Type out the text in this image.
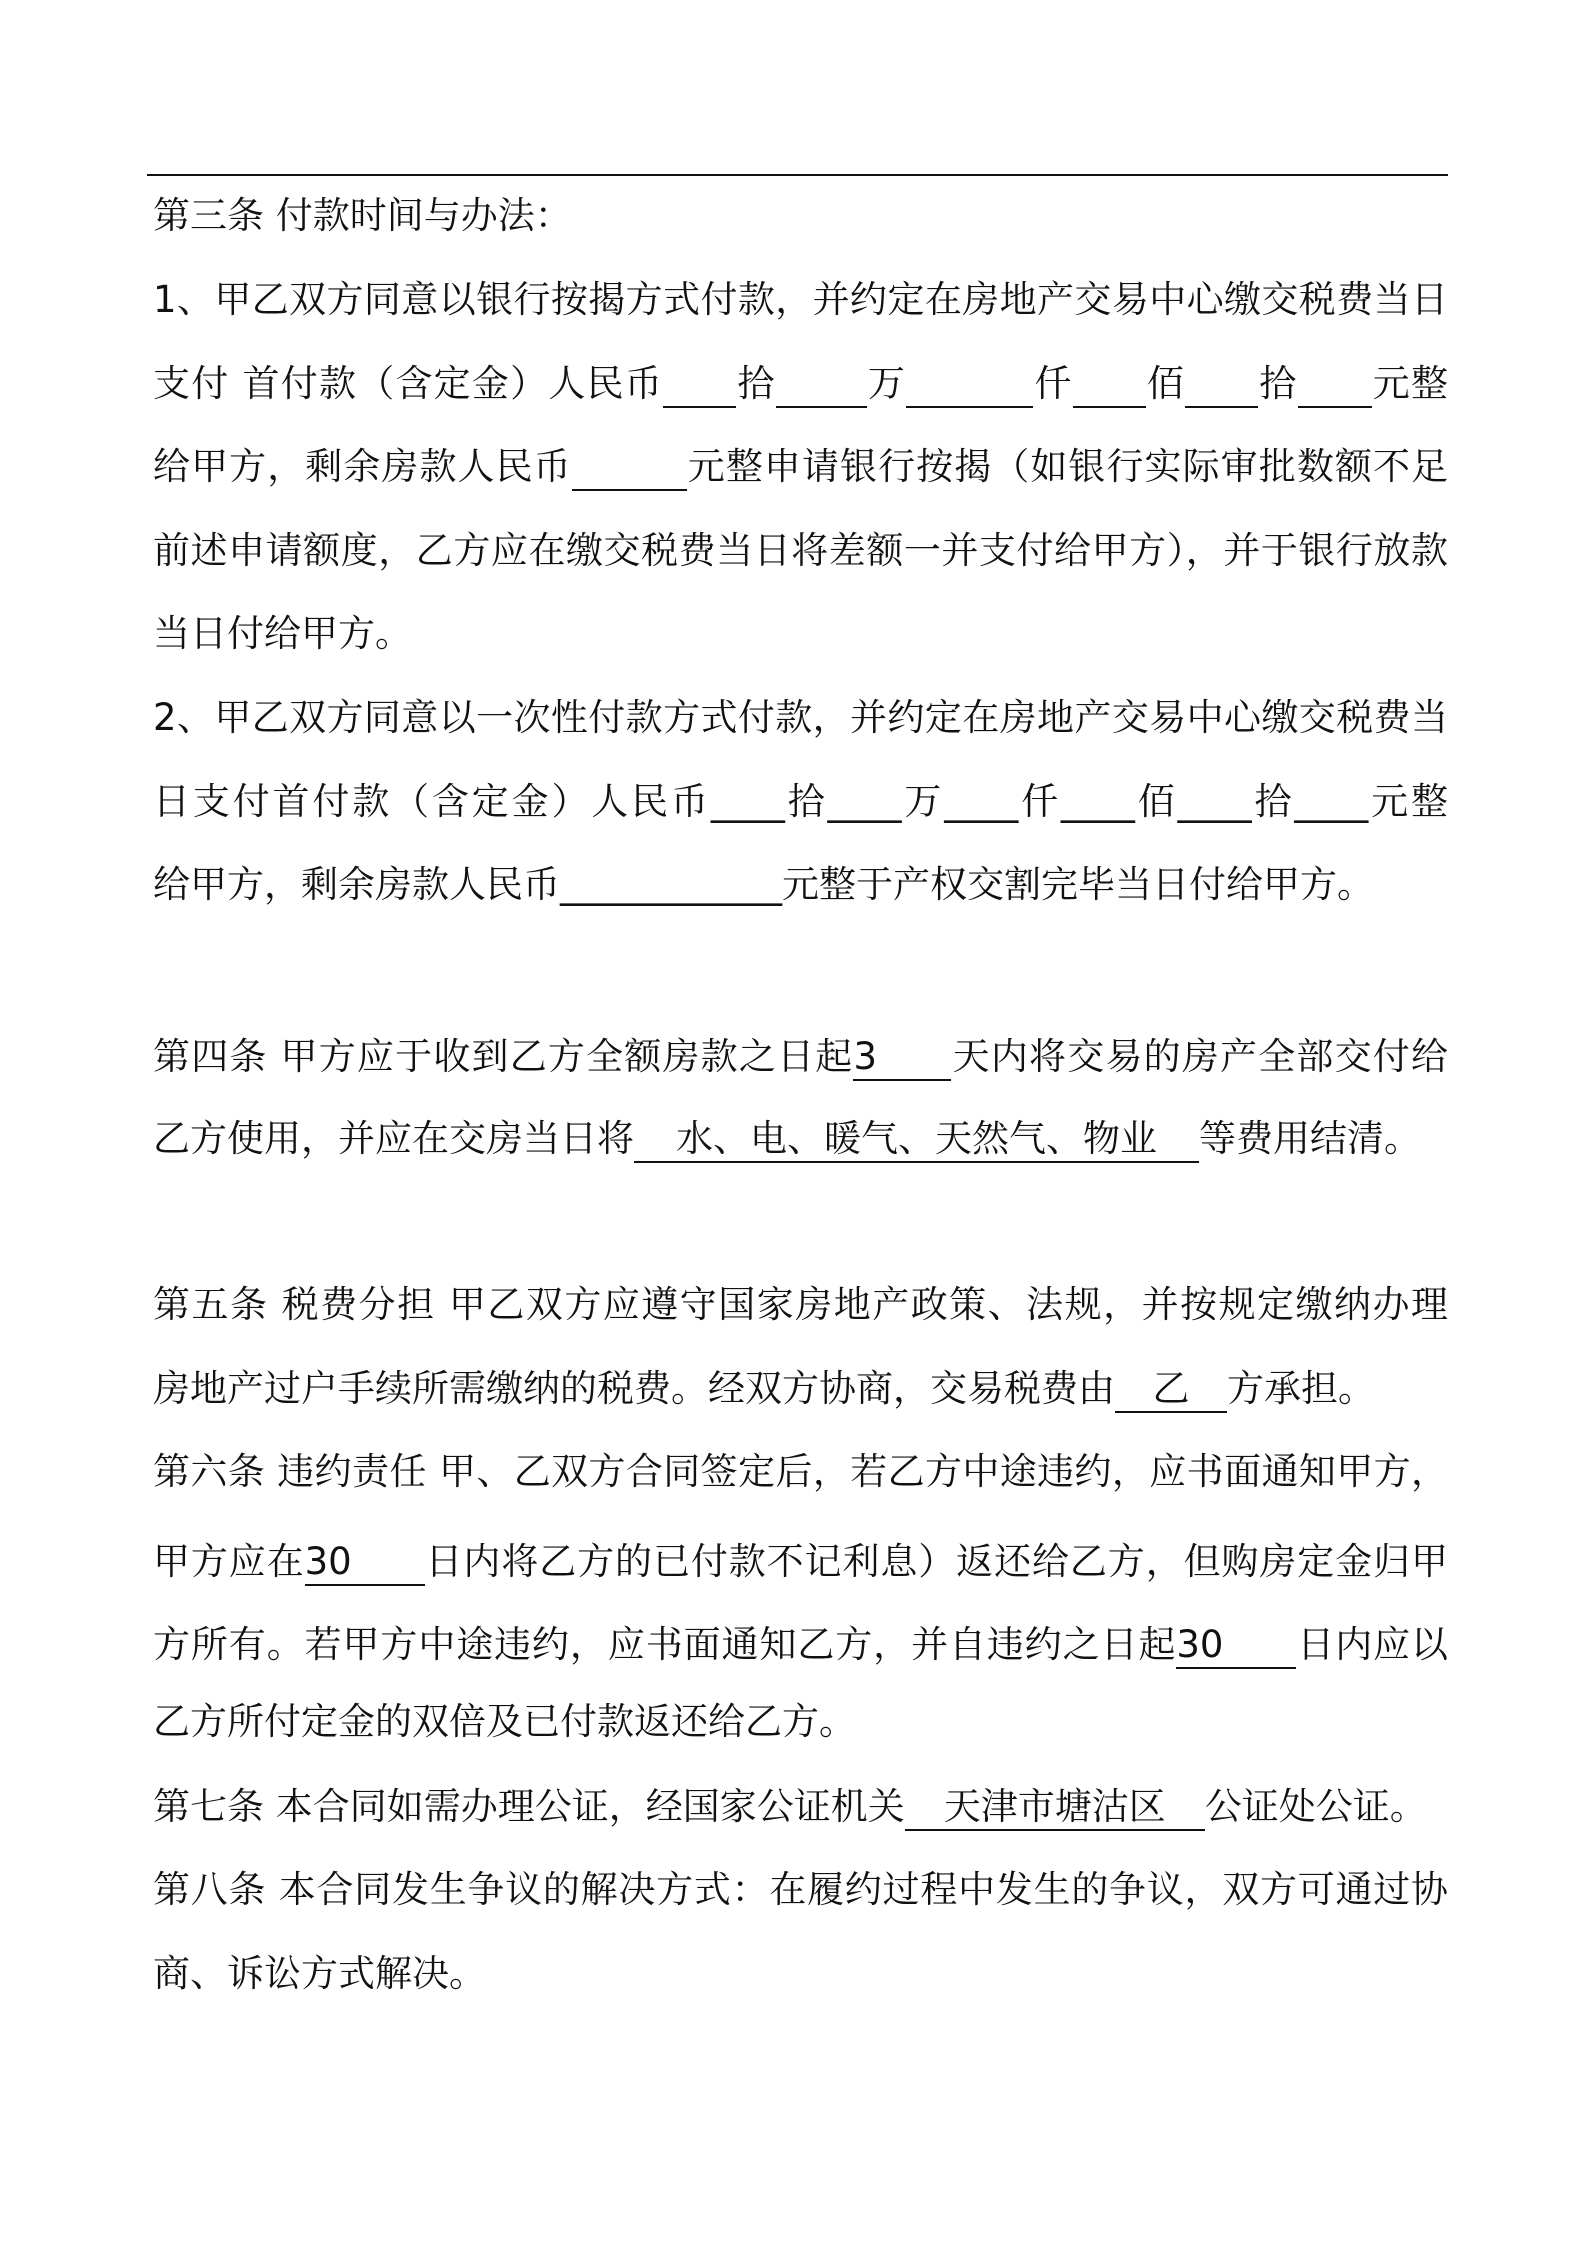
第三条 付款时间与办法：
1、甲乙双方同意以银行按揭方式付款，并约定在房地产交易中心缴交税费当日
支付 首付款（含定金）人民币 拾 万	仟 佰 拾 元整
给甲方，剩余房款人民币	元整申请银行按揭（如银行实际审批数额不足
前述申请额度，乙方应在缴交税费当日将差额一并支付给甲方），并于银行放款
当日付给甲方。
2、甲乙双方同意以一次性付款方式付款，并约定在房地产交易中心缴交税费当
日支付首付款（含定金）人民币____拾____万____仟____佰____拾____元整
给甲方，剩余房款人民币____________元整于产权交割完毕当日付给甲方。
第四条 甲方应于收到乙方全额房款之日起3 天内将交易的房产全部交付给
乙方使用，并应在交房当日将 水、电、暖气、天然气、物业 等费用结清。
第五条 税费分担 甲乙双方应遵守国家房地产政策、法规，并按规定缴纳办理
房地产过户手续所需缴纳的税费。经双方协商，交易税费由 乙 方承担。
第六条 违约责任 甲、乙双方合同签定后，若乙方中途违约，应书面通知甲方，
甲方应在30 日内将乙方的已付款不记利息）返还给乙方，但购房定金归甲
方所有。若甲方中途违约，应书面通知乙方，并自违约之日起30 日内应以
乙方所付定金的双倍及已付款返还给乙方。
第七条 本合同如需办理公证，经国家公证机关 天津市塘沽区 公证处公证。
第八条 本合同发生争议的解决方式：在履约过程中发生的争议，双方可通过协
商、诉讼方式解决。
